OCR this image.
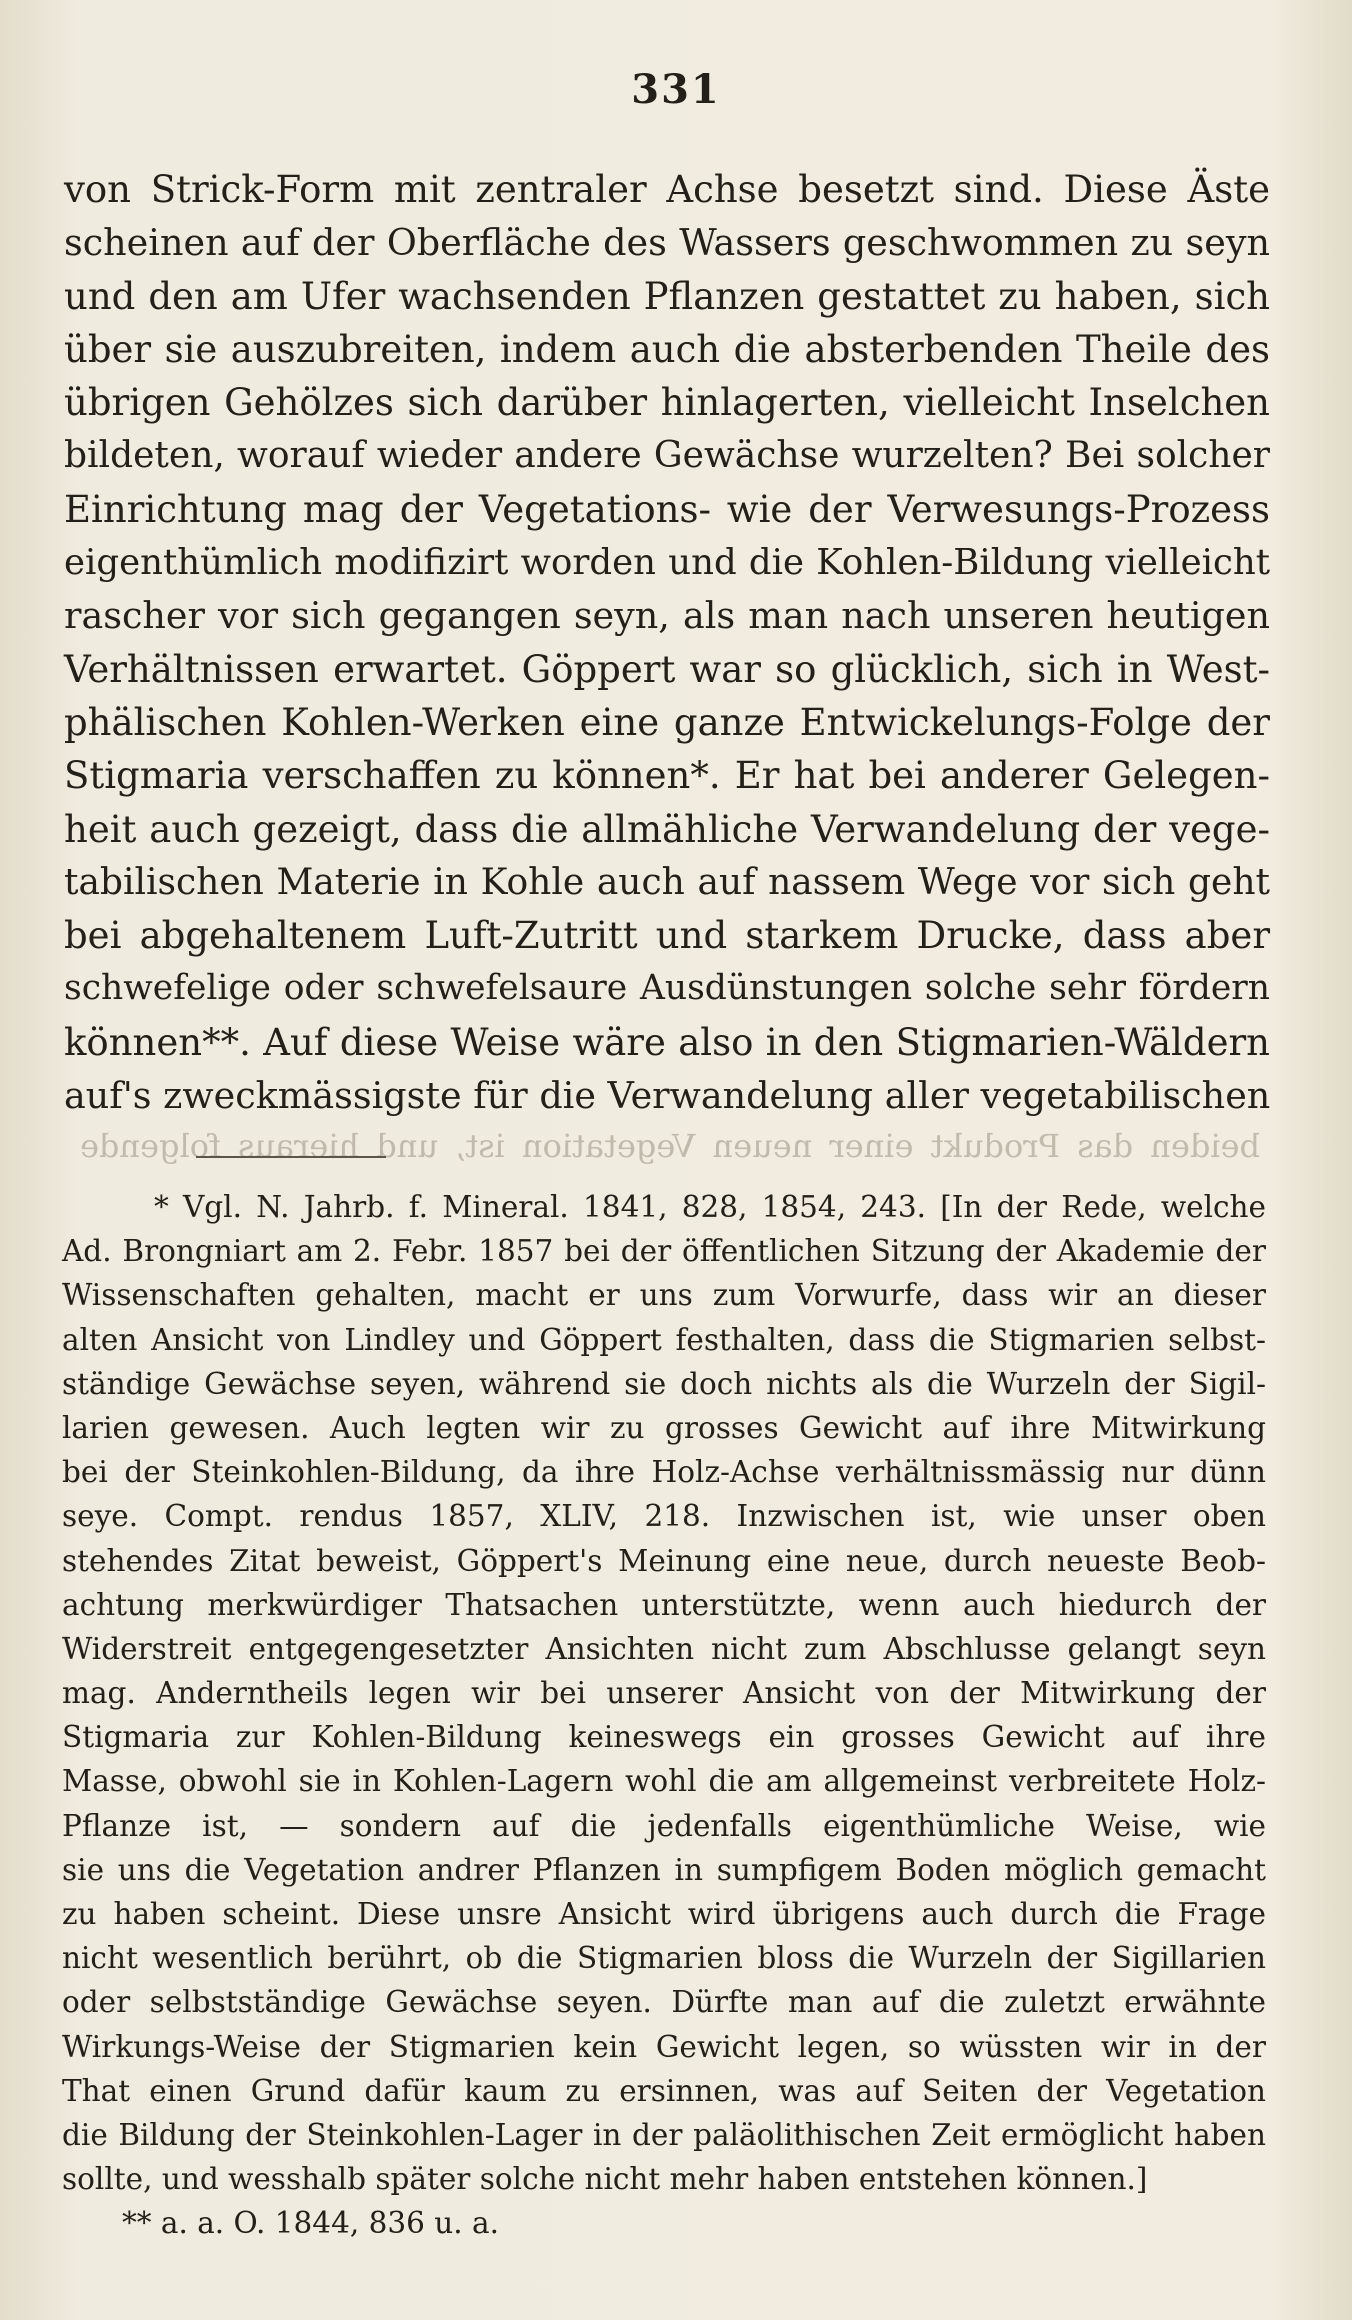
331
von Strick-Form mit zentraler Achse besetzt sind. Diese Äste
scheinen auf der Oberfläche des Wassers geschwommen zu seyn
und den am Ufer wachsenden Pflanzen gestattet zu haben, sich
über sie auszubreiten, indem auch die absterbenden Theile des
übrigen Gehölzes sich darüber hinlagerten, vielleicht Inselchen
bildeten, worauf wieder andere Gewächse wurzelten? Bei solcher
Einrichtung mag der Vegetations- wie der Verwesungs-Prozess
eigenthümlich modifizirt worden und die Kohlen-Bildung vielleicht
rascher vor sich gegangen seyn, als man nach unseren heutigen
Verhältnissen erwartet. Göppert war so glücklich, sich in West-
phälischen Kohlen-Werken eine ganze Entwickelungs-Folge der
Stigmaria verschaffen zu können*. Er hat bei anderer Gelegen-
heit auch gezeigt, dass die allmähliche Verwandelung der vege-
tabilischen Materie in Kohle auch auf nassem Wege vor sich geht
bei abgehaltenem Luft-Zutritt und starkem Drucke, dass aber
schwefelige oder schwefelsaure Ausdünstungen solche sehr fördern
können**. Auf diese Weise wäre also in den Stigmarien-Wäldern
auf's zweckmässigste für die Verwandelung aller vegetabilischen
beiden das Produkt einer neuen Vegetation ist, und hieraus folgende
* Vgl. N. Jahrb. f. Mineral. 1841, 828, 1854, 243. [In der Rede, welche
Ad. Brongniart am 2. Febr. 1857 bei der öffentlichen Sitzung der Akademie der
Wissenschaften gehalten, macht er uns zum Vorwurfe, dass wir an dieser
alten Ansicht von Lindley und Göppert festhalten, dass die Stigmarien selbst-
ständige Gewächse seyen, während sie doch nichts als die Wurzeln der Sigil-
larien gewesen. Auch legten wir zu grosses Gewicht auf ihre Mitwirkung
bei der Steinkohlen-Bildung, da ihre Holz-Achse verhältnissmässig nur dünn
seye. Compt. rendus 1857, XLIV, 218. Inzwischen ist, wie unser oben
stehendes Zitat beweist, Göppert's Meinung eine neue, durch neueste Beob-
achtung merkwürdiger Thatsachen unterstützte, wenn auch hiedurch der
Widerstreit entgegengesetzter Ansichten nicht zum Abschlusse gelangt seyn
mag. Anderntheils legen wir bei unserer Ansicht von der Mitwirkung der
Stigmaria zur Kohlen-Bildung keineswegs ein grosses Gewicht auf ihre
Masse, obwohl sie in Kohlen-Lagern wohl die am allgemeinst verbreitete Holz-
Pflanze ist, — sondern auf die jedenfalls eigenthümliche Weise, wie
sie uns die Vegetation andrer Pflanzen in sumpfigem Boden möglich gemacht
zu haben scheint. Diese unsre Ansicht wird übrigens auch durch die Frage
nicht wesentlich berührt, ob die Stigmarien bloss die Wurzeln der Sigillarien
oder selbstständige Gewächse seyen. Dürfte man auf die zuletzt erwähnte
Wirkungs-Weise der Stigmarien kein Gewicht legen, so wüssten wir in der
That einen Grund dafür kaum zu ersinnen, was auf Seiten der Vegetation
die Bildung der Steinkohlen-Lager in der paläolithischen Zeit ermöglicht haben
sollte, und wesshalb später solche nicht mehr haben entstehen können.]
** a. a. O. 1844, 836 u. a.
